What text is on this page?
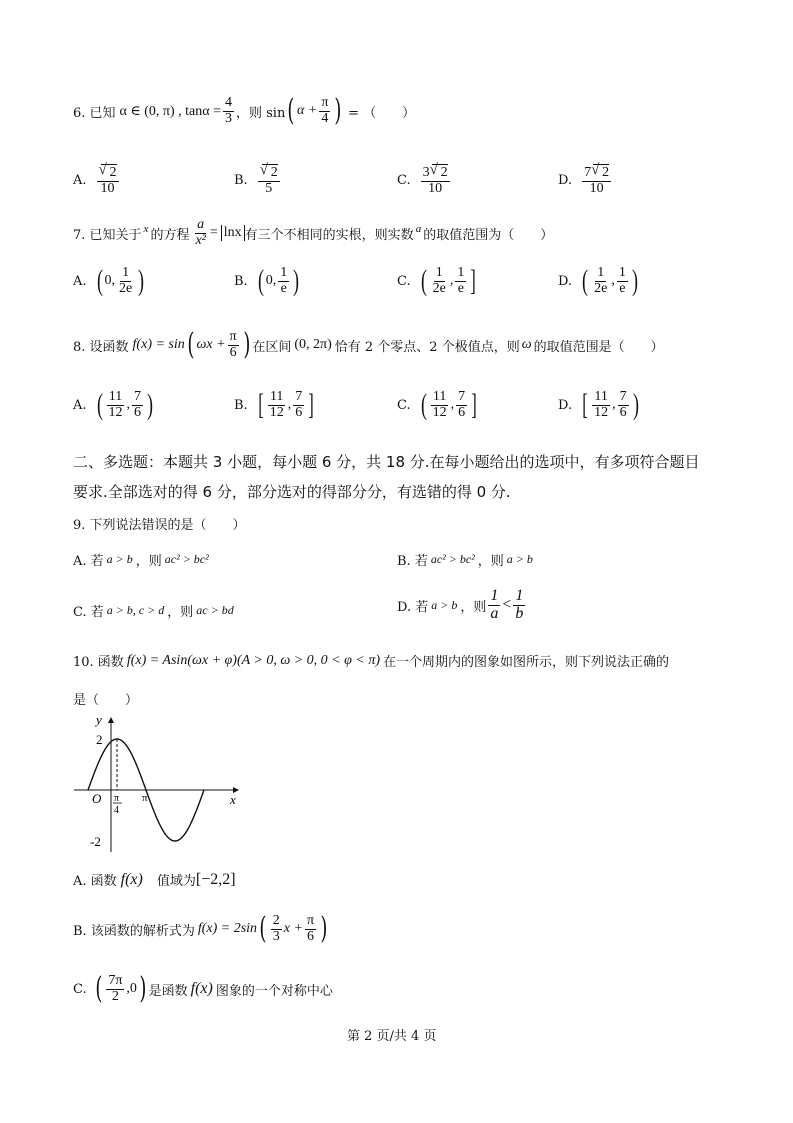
6. 已知 α ∈ (0, π) , $\tan\alpha = \frac{4}{3}$ ，则 sin ( $\alpha + \frac{\pi}{4}$ ) = （　　）
A. √ $\frac{2}{10}$	B. √ $\frac{2}{5}$	C. $\frac{3 √ 2}{10}$	D. $\frac{7 √ 2}{10}$
7. 已知关于 x 的方程 $\frac{a}{\text{x²}} = \ln x$ 有三个不相同的实根，则实数 a 的取值范围为（　　）
A. ( 0, $\frac{1}{2e}$ )	B. ( 0, $\frac{1}{e}$ )	C. ( $\frac{1}{2e}$ , $\frac{1}{e}$ ]	D. ( $\frac{1}{2e}$ , $\frac{1}{e}$ )
8. 设函数 f(x) = sin ( $\omega x + \frac{\pi}{6}$ ) 在区间 (0, 2π) 恰有 2 个零点、2 个极值点，则 ω 的取值范围是（　　）
A. ( $\frac{11}{12}$ , $\frac{7}{6}$ )	B. [ $\frac{11}{12}$ , $\frac{7}{6}$ ]	C. ( $\frac{11}{12}$ , $\frac{7}{6}$ ]	D. [ $\frac{11}{12}$ , $\frac{7}{6}$ )
二、多选题：本题共 3 小题，每小题 6 分，共 18 分.在每小题给出的选项中，有多项符合题目
要求.全部选对的得 6 分，部分选对的得部分分，有选错的得 0 分.
9. 下列说法错误的是（　　）
A. 若 a > b ，则 ac² > bc²	B. 若 ac² > bc² ，则 a > b
C. 若 a > b, c > d ，则 ac > bd	D. 若 a > b ，则 $\frac{1}{a} < \frac{1}{b}$
10. 函数 f(x) = Asin(ωx + φ)(A > 0, ω > 0, 0 < φ < π) 在一个周期内的图象如图所示，则下列说法正确的
是（　　）
y
x
O
2
-2
π
4
π
A. 函数 f(x) 值域为 [−2,2]
B. 该函数的解析式为 f(x) = 2sin ( $\frac{2}{3}$ $x + \frac{\pi}{6}$ )
C. ( $\frac{7\pi}{2} ,0$ ) 是函数 f(x) 图象的一个对称中心
第 2 页/共 4 页
